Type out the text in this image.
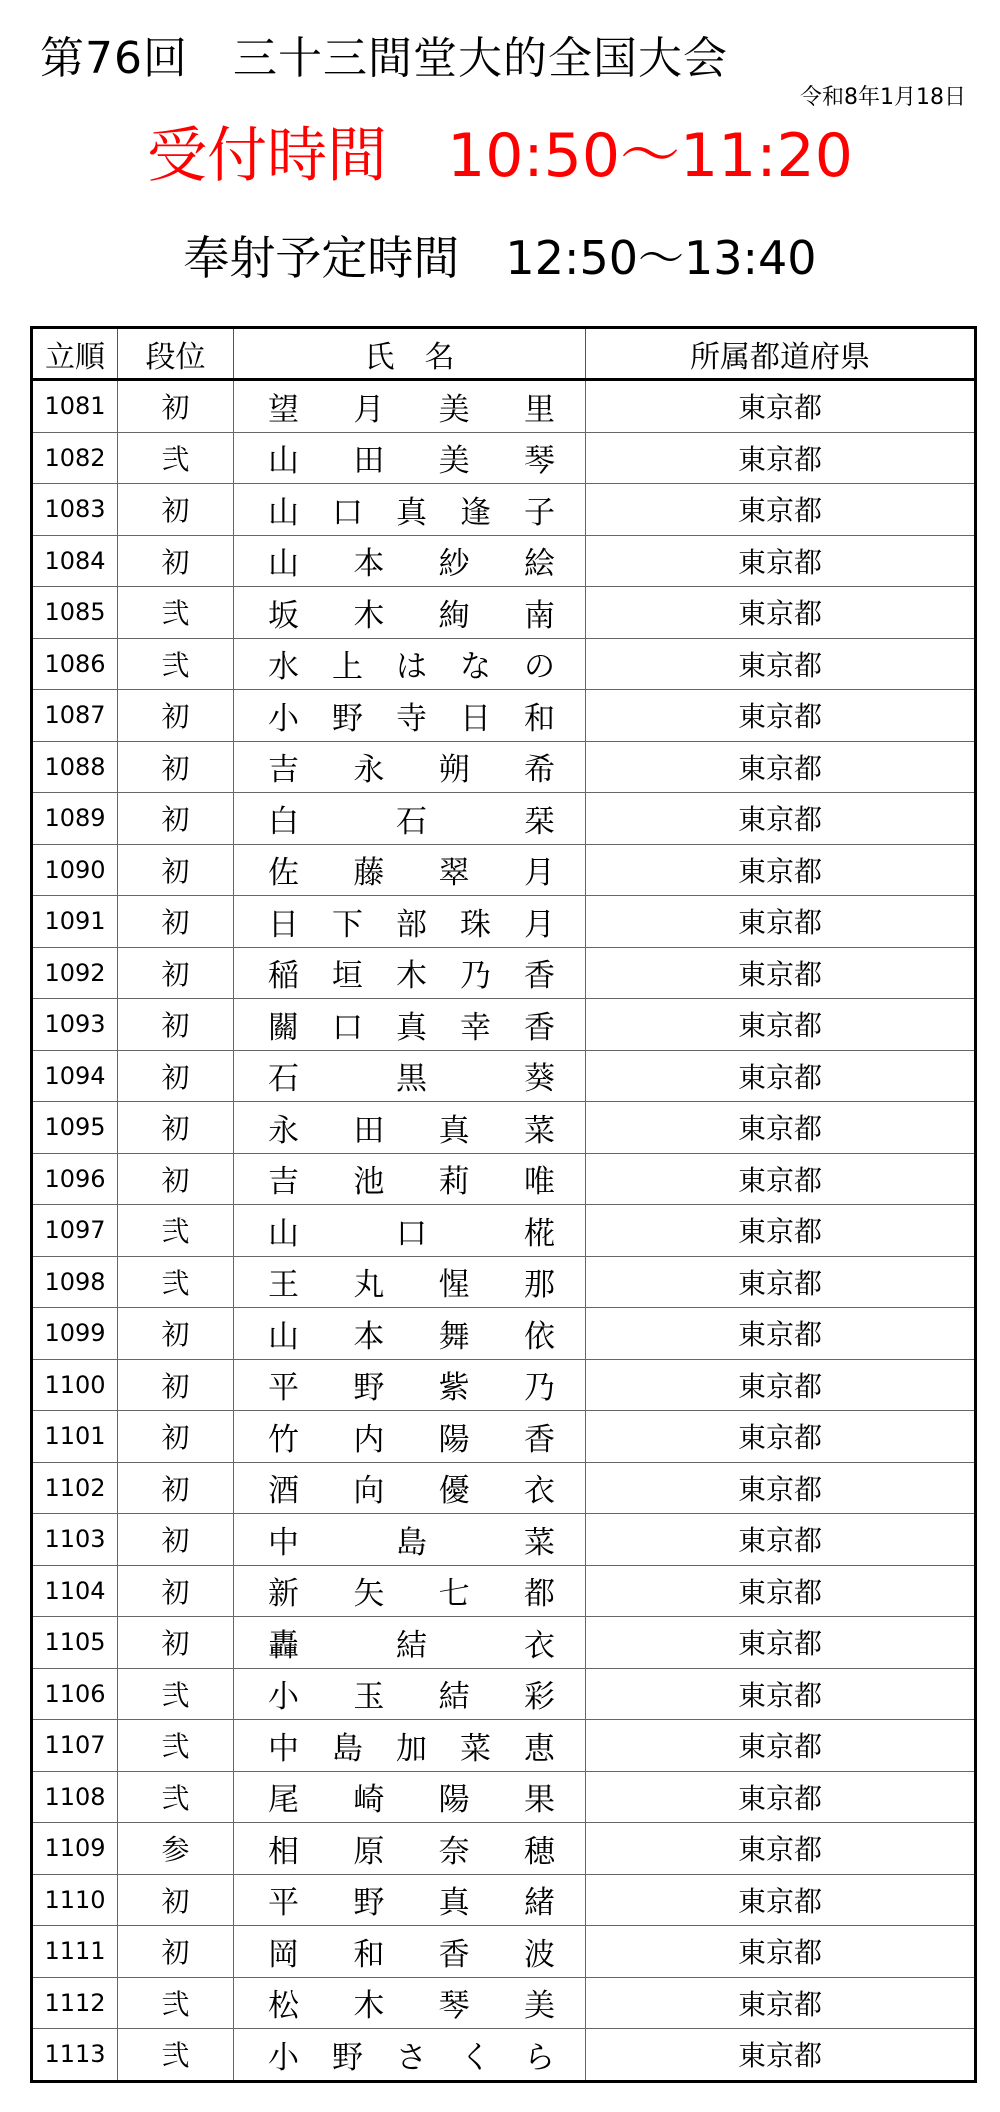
第76回　三十三間堂大的全国大会
令和8年1月18日
受付時間　10:50〜11:20
奉射予定時間　12:50〜13:40
立順	段位	氏　名	所属都道府県
1081	初	望 月 美 里	東京都
1082	弐	山 田 美 琴	東京都
1083	初	山 口 真 逢 子	東京都
1084	初	山 本 紗 絵	東京都
1085	弐	坂 木 絢 南	東京都
1086	弐	水 上 は な の	東京都
1087	初	小 野 寺 日 和	東京都
1088	初	吉 永 朔 希	東京都
1089	初	白 石 栞	東京都
1090	初	佐 藤 翠 月	東京都
1091	初	日 下 部 珠 月	東京都
1092	初	稲 垣 木 乃 香	東京都
1093	初	關 口 真 幸 香	東京都
1094	初	石 黒 葵	東京都
1095	初	永 田 真 菜	東京都
1096	初	吉 池 莉 唯	東京都
1097	弐	山 口 椛	東京都
1098	弐	王 丸 惺 那	東京都
1099	初	山 本 舞 依	東京都
1100	初	平 野 紫 乃	東京都
1101	初	竹 内 陽 香	東京都
1102	初	酒 向 優 衣	東京都
1103	初	中 島 菜	東京都
1104	初	新 矢 七 都	東京都
1105	初	轟 結 衣	東京都
1106	弐	小 玉 結 彩	東京都
1107	弐	中 島 加 菜 恵	東京都
1108	弐	尾 崎 陽 果	東京都
1109	参	相 原 奈 穂	東京都
1110	初	平 野 真 緒	東京都
1111	初	岡 和 香 波	東京都
1112	弐	松 木 琴 美	東京都
1113	弐	小 野 さ く ら	東京都
